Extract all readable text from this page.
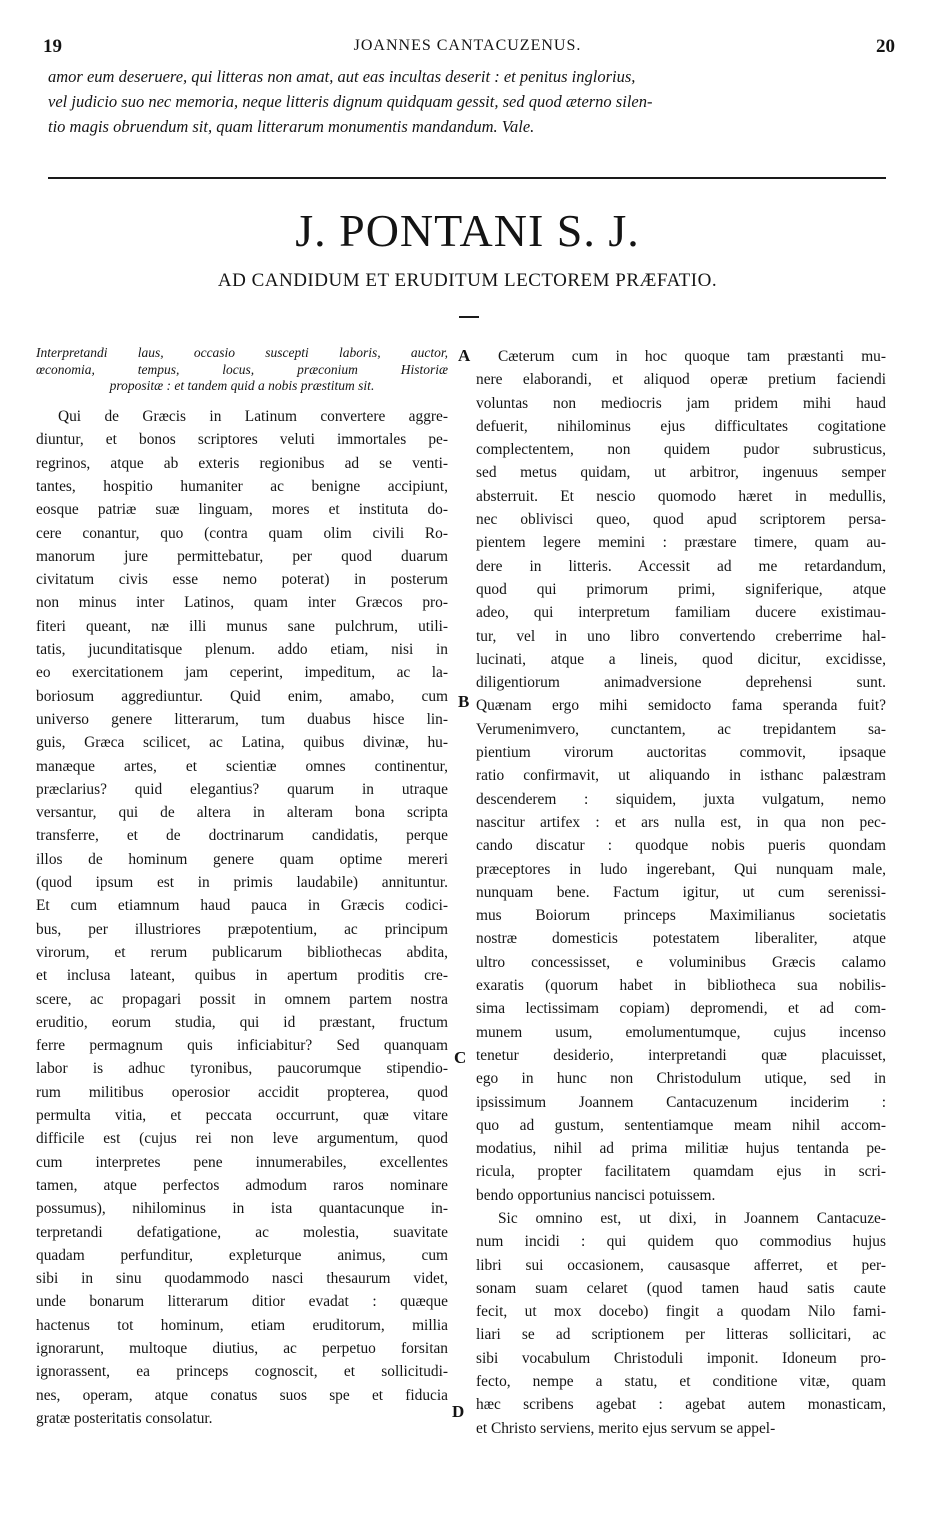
19	JOANNES CANTACUZENUS.	20

amor eum deseruere, qui litteras non amat, aut eas incultas deserit : et penitus inglorius,
vel judicio suo nec memoria, neque litteris dignum quidquam gessit, sed quod æterno silen-
tio magis obruendum sit, quam litterarum monumentis mandandum. Vale.

J. PONTANI S. J.
AD CANDIDUM ET ERUDITUM LECTOREM PRÆFATIO.
Interpretandi laus, occasio suscepti laboris, auctor,
œconomia, tempus, locus, præconium Historiæ
propositæ : et tandem quid a nobis præstitum sit.
Qui de Græcis in Latinum convertere aggre-
diuntur, et bonos scriptores veluti immortales pe-
regrinos, atque ab exteris regionibus ad se venti-
tantes, hospitio humaniter ac benigne accipiunt,
eosque patriæ suæ linguam, mores et instituta do-
cere conantur, quo (contra quam olim civili Ro-
manorum jure permittebatur, per quod duarum
civitatum civis esse nemo poterat) in posterum
non minus inter Latinos, quam inter Græcos pro-
fiteri queant, næ illi munus sane pulchrum, utili-
tatis, jucunditatisque plenum. addo etiam, nisi in
eo exercitationem jam ceperint, impeditum, ac la-
boriosum aggrediuntur. Quid enim, amabo, cum
universo genere litterarum, tum duabus hisce lin-
guis, Græca scilicet, ac Latina, quibus divinæ, hu-
manæque artes, et scientiæ omnes continentur,
præclarius? quid elegantius? quarum in utraque
versantur, qui de altera in alteram bona scripta
transferre, et de doctrinarum candidatis, perque
illos de hominum genere quam optime mereri
(quod ipsum est in primis laudabile) annituntur.
Et cum etiamnum haud pauca in Græcis codici-
bus, per illustriores præpotentium, ac principum
virorum, et rerum publicarum bibliothecas abdita,
et inclusa lateant, quibus in apertum proditis cre-
scere, ac propagari possit in omnem partem nostra
eruditio, eorum studia, qui id præstant, fructum
ferre permagnum quis inficiabitur? Sed quanquam
labor is adhuc tyronibus, paucorumque stipendio-
rum militibus operosior accidit propterea, quod
permulta vitia, et peccata occurrunt, quæ vitare
difficile est (cujus rei non leve argumentum, quod
cum interpretes pene innumerabiles, excellentes
tamen, atque perfectos admodum raros nominare
possumus), nihilominus in ista quantacunque in-
terpretandi defatigatione, ac molestia, suavitate
quadam perfunditur, expleturque animus, cum
sibi in sinu quodammodo nasci thesaurum videt,
unde bonarum litterarum ditior evadat : quæque
hactenus tot hominum, etiam eruditorum, millia
ignorarunt, multoque diutius, ac perpetuo forsitan
ignorassent, ea princeps cognoscit, et sollicitudi-
nes, operam, atque conatus suos spe et fiducia
gratæ posteritatis consolatur.
Cæterum cum in hoc quoque tam præstanti mu-
nere elaborandi, et aliquod operæ pretium faciendi
voluntas non mediocris jam pridem mihi haud
defuerit, nihilominus ejus difficultates cogitatione
complectentem, non quidem pudor subrusticus,
sed metus quidam, ut arbitror, ingenuus semper
absterruit. Et nescio quomodo hæret in medullis,
nec oblivisci queo, quod apud scriptorem persa-
pientem legere memini : præstare timere, quam au-
dere in litteris. Accessit ad me retardandum,
quod qui primorum primi, signiferique, atque
adeo, qui interpretum familiam ducere existimau-
tur, vel in uno libro convertendo creberrime hal-
lucinati, atque a lineis, quod dicitur, excidisse,
diligentiorum animadversione deprehensi sunt.
Quænam ergo mihi semidocto fama speranda fuit?
Verumenimvero, cunctantem, ac trepidantem sa-
pientium virorum auctoritas commovit, ipsaque
ratio confirmavit, ut aliquando in isthanc palæstram
descenderem : siquidem, juxta vulgatum, nemo
nascitur artifex : et ars nulla est, in qua non pec-
cando discatur : quodque nobis pueris quondam
præceptores in ludo ingerebant, Qui nunquam male,
nunquam bene. Factum igitur, ut cum serenissi-
mus Boiorum princeps Maximilianus societatis
nostræ domesticis potestatem liberaliter, atque
ultro concessisset, e voluminibus Græcis calamo
exaratis (quorum habet in bibliotheca sua nobilis-
sima lectissimam copiam) depromendi, et ad com-
munem usum, emolumentumque, cujus incenso
tenetur desiderio, interpretandi quæ placuisset,
ego in hunc non Christodulum utique, sed in
ipsissimum Joannem Cantacuzenum inciderim :
quo ad gustum, sententiamque meam nihil accom-
modatius, nihil ad prima militiæ hujus tentanda pe-
ricula, propter facilitatem quamdam ejus in scri-
bendo opportunius nancisci potuissem.
Sic omnino est, ut dixi, in Joannem Cantacuze-
num incidi : qui quidem quo commodius hujus
libri sui occasionem, causasque afferret, et per-
sonam suam celaret (quod tamen haud satis caute
fecit, ut mox docebo) fingit a quodam Nilo fami-
liari se ad scriptionem per litteras sollicitari, ac
sibi vocabulum Christoduli imponit. Idoneum pro-
fecto, nempe a statu, et conditione vitæ, quam
hæc scribens agebat : agebat autem monasticam,
et Christo serviens, merito ejus servum se appel-
A
B
C
D
